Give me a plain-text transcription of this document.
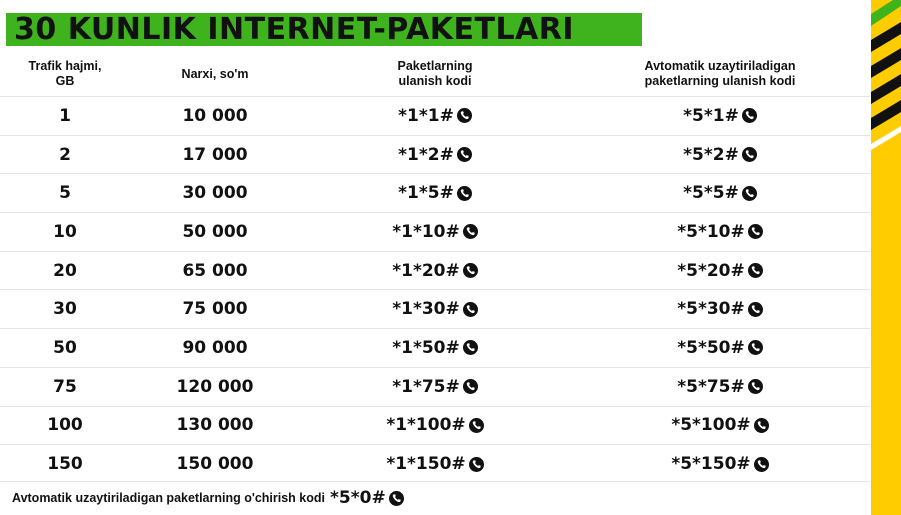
30 KUNLIK INTERNET-PAKETLARI
Trafik hajmi,
GB	Narxi, so'm	Paketlarning
ulanish kodi	Avtomatik uzaytiriladigan
paketlarning ulanish kodi
1	10 000	*1*1#	*5*1#

2	17 000	*1*2#	*5*2#

5	30 000	*1*5#	*5*5#

10	50 000	*1*10#	*5*10#

20	65 000	*1*20#	*5*20#

30	75 000	*1*30#	*5*30#

50	90 000	*1*50#	*5*50#

75	120 000	*1*75#	*5*75#

100	130 000	*1*100#	*5*100#

150	150 000	*1*150#	*5*150#
Avtomatik uzaytiriladigan paketlarning o'chirish kodi *5*0#
